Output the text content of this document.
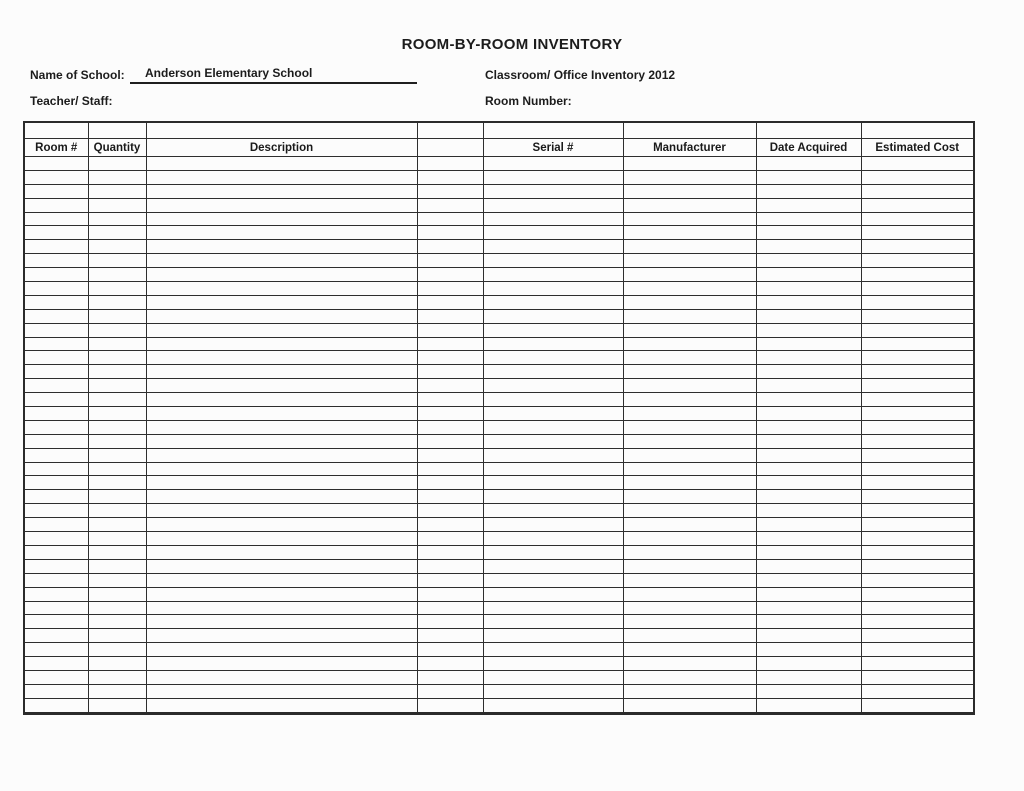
ROOM-BY-ROOM INVENTORY
Name of School:	Anderson Elementary School	Classroom/ Office Inventory 2012
Teacher/ Staff:	Room Number:

Room #	Quantity	Description		Serial #	Manufacturer	Date Acquired	Estimated Cost
